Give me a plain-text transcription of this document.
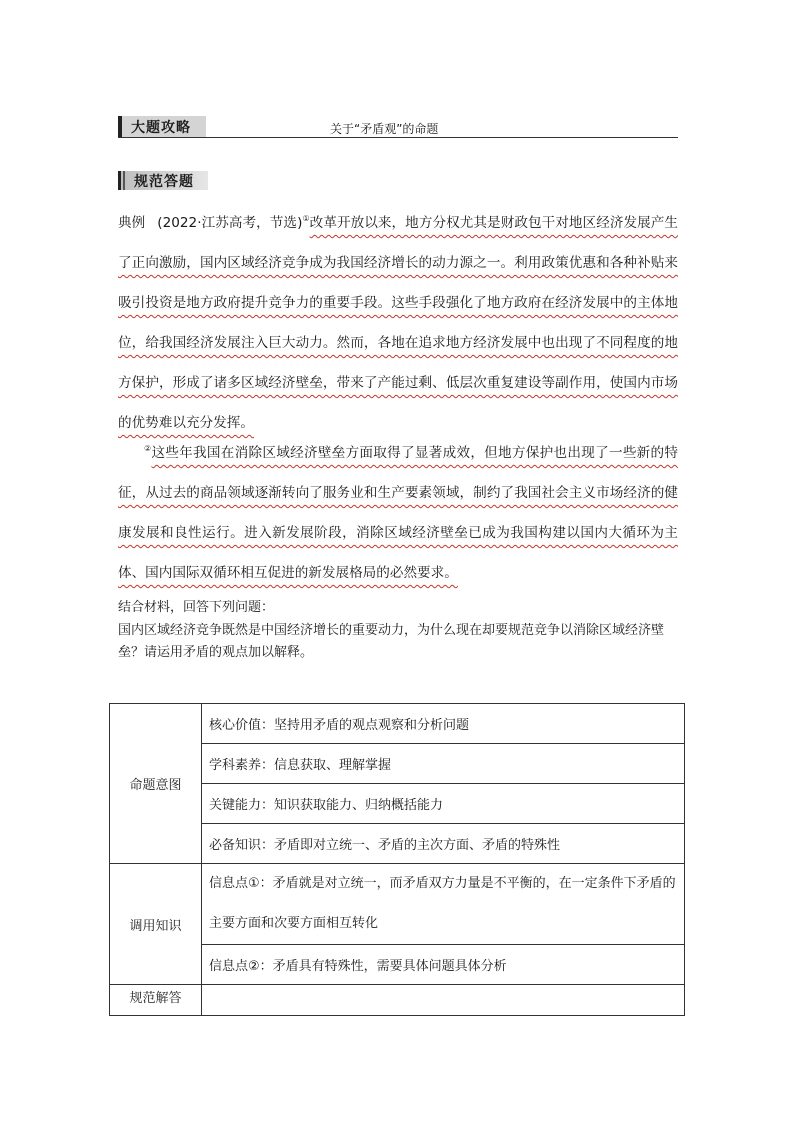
大题攻略	关于“矛盾观”的命题
规范答题
典例 (2022·江苏高考，节选)①改革开放以来，地方分权尤其是财政包干对地区经济发展产生了正向激励，国内区域经济竞争成为我国经济增长的动力源之一。利用政策优惠和各种补贴来吸引投资是地方政府提升竞争力的重要手段。这些手段强化了地方政府在经济发展中的主体地位，给我国经济发展注入巨大动力。然而，各地在追求地方经济发展中也出现了不同程度的地方保护，形成了诸多区域经济壁垒，带来了产能过剩、低层次重复建设等副作用，使国内市场的优势难以充分发挥。
②这些年我国在消除区域经济壁垒方面取得了显著成效，但地方保护也出现了一些新的特征，从过去的商品领域逐渐转向了服务业和生产要素领域，制约了我国社会主义市场经济的健康发展和良性运行。进入新发展阶段，消除区域经济壁垒已成为我国构建以国内大循环为主体、国内国际双循环相互促进的新发展格局的必然要求。
结合材料，回答下列问题：
国内区域经济竞争既然是中国经济增长的重要动力，为什么现在却要规范竞争以消除区域经济壁垒？请运用矛盾的观点加以解释。
命题意图	核心价值：坚持用矛盾的观点观察和分析问题
	学科素养：信息获取、理解掌握
	关键能力：知识获取能力、归纳概括能力
	必备知识：矛盾即对立统一、矛盾的主次方面、矛盾的特殊性
调用知识	信息点①：矛盾就是对立统一，而矛盾双方力量是不平衡的，在一定条件下矛盾的主要方面和次要方面相互转化
	信息点②：矛盾具有特殊性，需要具体问题具体分析
规范解答	
